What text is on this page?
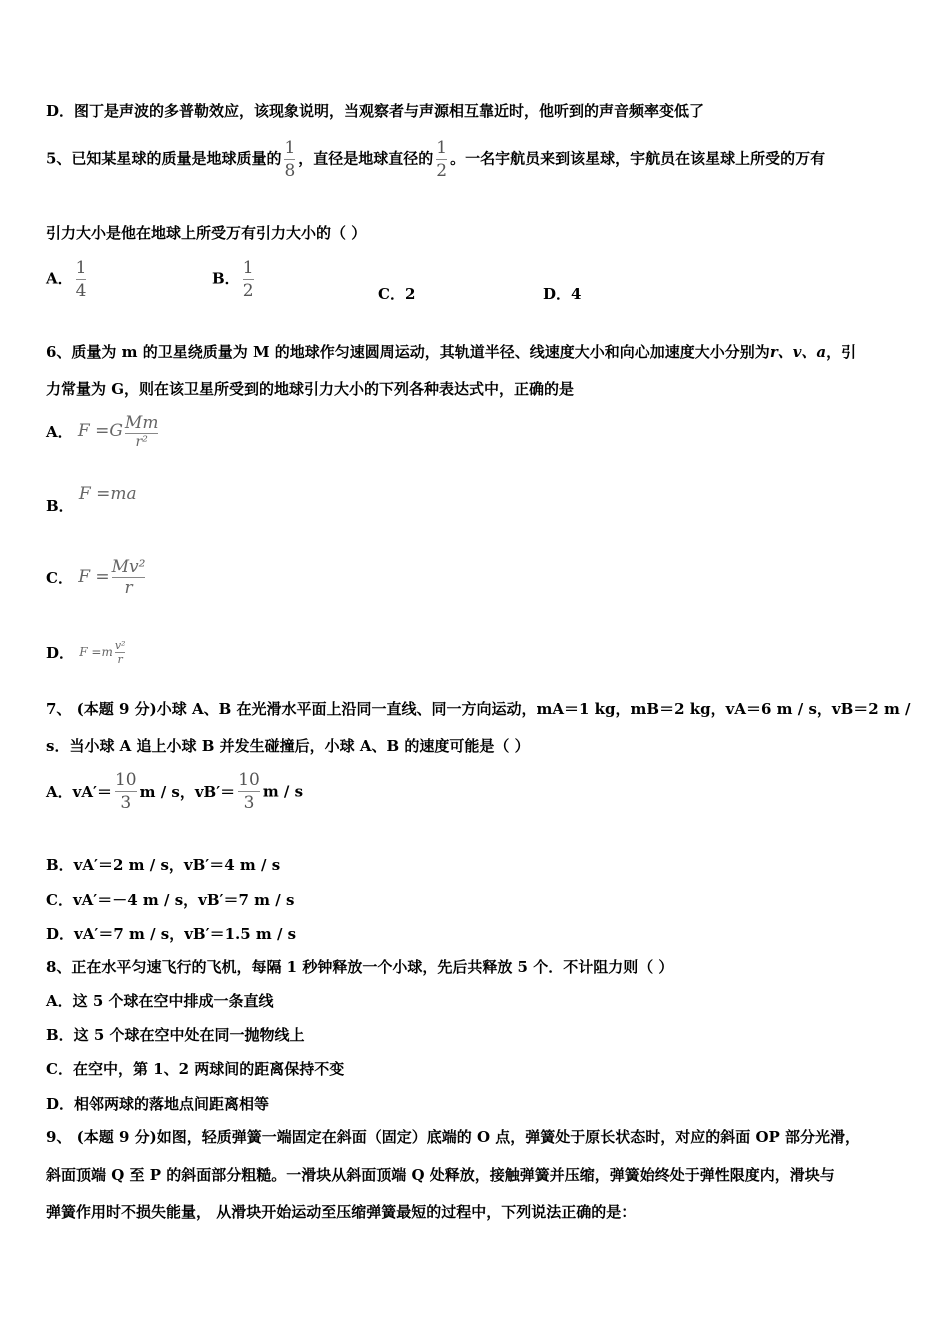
D．图丁是声波的多普勒效应，该现象说明，当观察者与声源相互靠近时，他听到的声音频率变低了
5、已知某星球的质量是地球质量的 $\frac{1}{8}$ ，直径是地球直径的 $\frac{1}{2}$ 。一名宇航员来到该星球，宇航员在该星球上所受的万有
引力大小是他在地球上所受万有引力大小的（ ）
A． $\frac{1}{4}$	B． $\frac{1}{2}$	C．2	D．4
6、质量为 m 的卫星绕质量为 M 的地球作匀速圆周运动，其轨道半径、线速度大小和向心加速度大小分别为r、v、a，引
力常量为 G，则在该卫星所受到的地球引力大小的下列各种表达式中，正确的是
A． F =G Mm
r²
B． F =ma
C． $F = \frac{\text{Mv²}}{r}$
D． $F =m \frac{\text{v²}}{r}$
7、 (本题 9 分)小球 A、B 在光滑水平面上沿同一直线、同一方向运动，mA＝1 kg，mB＝2 kg，vA＝6 m / s，vB＝2 m /
s．当小球 A 追上小球 B 并发生碰撞后，小球 A、B 的速度可能是（ ）
A．$vA'= \frac{10}{3}$ m / s，$vB'= \frac{10}{3}$ m / s
B．vA′＝2 m / s，vB′＝4 m / s
C．vA′＝－4 m / s，vB′＝7 m / s
D．vA′＝7 m / s，vB′＝1.5 m / s
8、正在水平匀速飞行的飞机，每隔 1 秒钟释放一个小球，先后共释放 5 个．不计阻力则（ ）
A．这 5 个球在空中排成一条直线
B．这 5 个球在空中处在同一抛物线上
C．在空中，第 1、2 两球间的距离保持不变
D．相邻两球的落地点间距离相等
9、 (本题 9 分)如图，轻质弹簧一端固定在斜面（固定）底端的 O 点，弹簧处于原长状态时，对应的斜面 OP 部分光滑，
斜面顶端 Q 至 P 的斜面部分粗糙。一滑块从斜面顶端 Q 处释放，接触弹簧并压缩，弹簧始终处于弹性限度内，滑块与
弹簧作用时不损失能量， 从滑块开始运动至压缩弹簧最短的过程中，下列说法正确的是：
